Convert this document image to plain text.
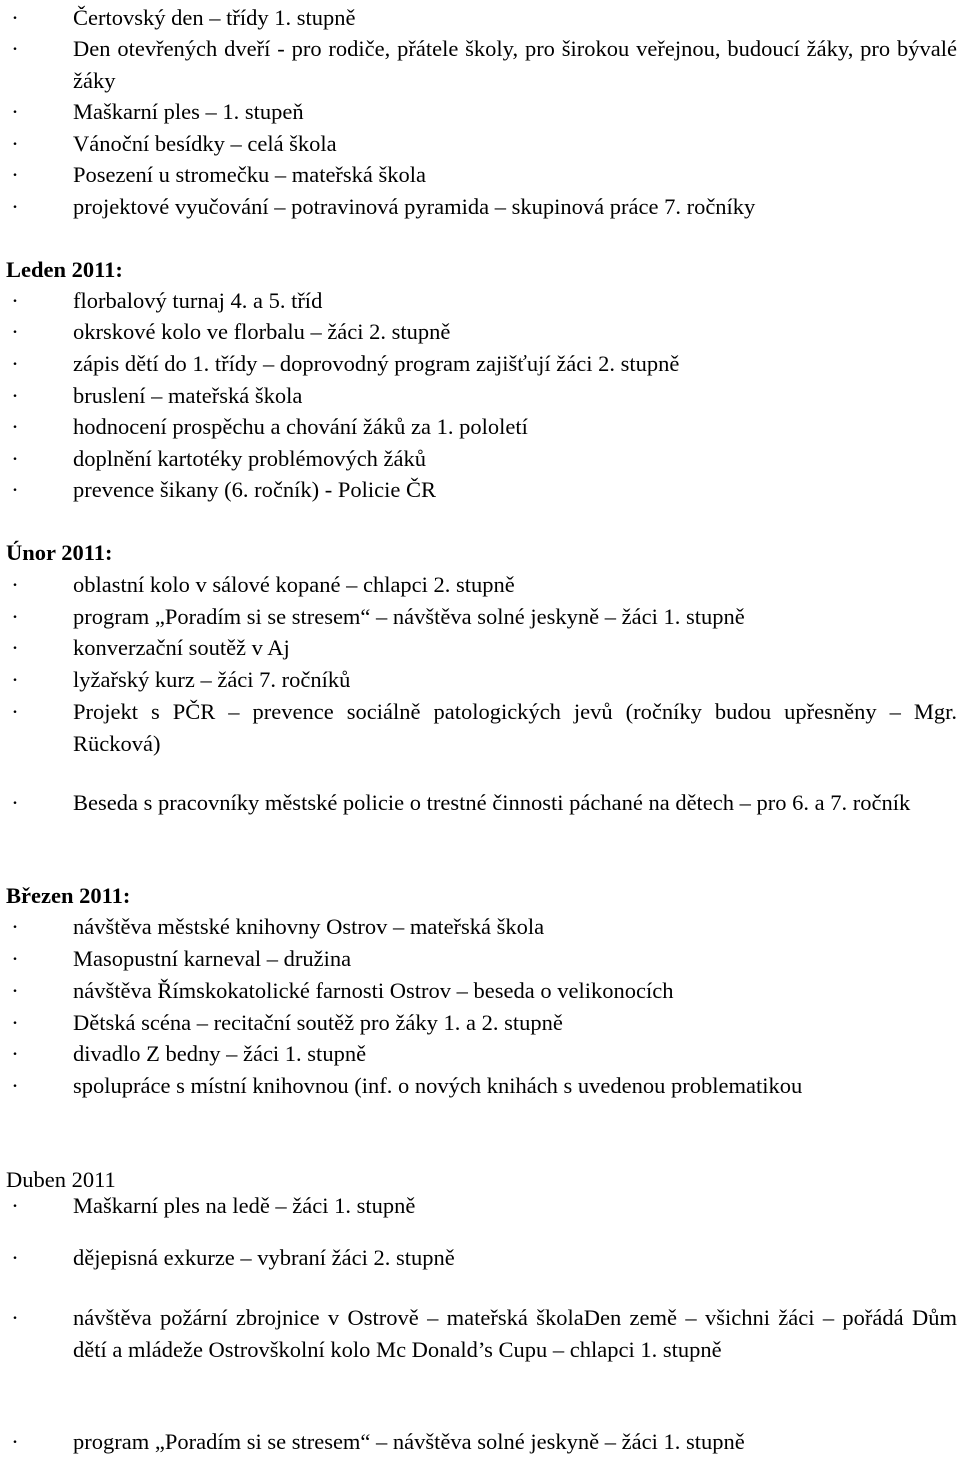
· Čertovský den – třídy 1. stupně
· Den otevřených dveří - pro rodiče, přátele školy, pro širokou veřejnou, budoucí žáky, pro bývalé žáky
· Maškarní ples – 1. stupeň
· Vánoční besídky – celá škola
· Posezení u stromečku – mateřská škola
· projektové vyučování – potravinová pyramida – skupinová práce 7. ročníky
Leden 2011:
· florbalový turnaj 4. a 5. tříd
· okrskové kolo ve florbalu – žáci 2. stupně
· zápis dětí do 1. třídy – doprovodný program zajišťují žáci 2. stupně
· bruslení – mateřská škola
· hodnocení prospěchu a chování žáků za 1. pololetí
· doplnění kartotéky problémových žáků
· prevence šikany (6. ročník) - Policie ČR
Únor 2011:
· oblastní kolo v sálové kopané – chlapci 2. stupně
· program „Poradím si se stresem“ – návštěva solné jeskyně – žáci 1. stupně
· konverzační soutěž v Aj
· lyžařský kurz – žáci 7. ročníků
· Projekt s PČR – prevence sociálně patologických jevů (ročníky budou upřesněny – Mgr. Rücková)
· Beseda s pracovníky městské policie o trestné činnosti páchané na dětech – pro 6. a 7. ročník
Březen 2011:
· návštěva městské knihovny Ostrov – mateřská škola
· Masopustní karneval – družina
· návštěva Římskokatolické farnosti Ostrov – beseda o velikonocích
· Dětská scéna – recitační soutěž pro žáky 1. a 2. stupně
· divadlo Z bedny – žáci 1. stupně
· spolupráce s místní knihovnou (inf. o nových knihách s uvedenou problematikou
Duben 2011
· Maškarní ples na ledě – žáci 1. stupně
· dějepisná exkurze – vybraní žáci 2. stupně
· návštěva požární zbrojnice v Ostrově – mateřská školaDen země – všichni žáci – pořádá Dům dětí a mládeže Ostrovškolní kolo Mc Donald’s Cupu – chlapci 1. stupně
· program „Poradím si se stresem“ – návštěva solné jeskyně – žáci 1. stupně
